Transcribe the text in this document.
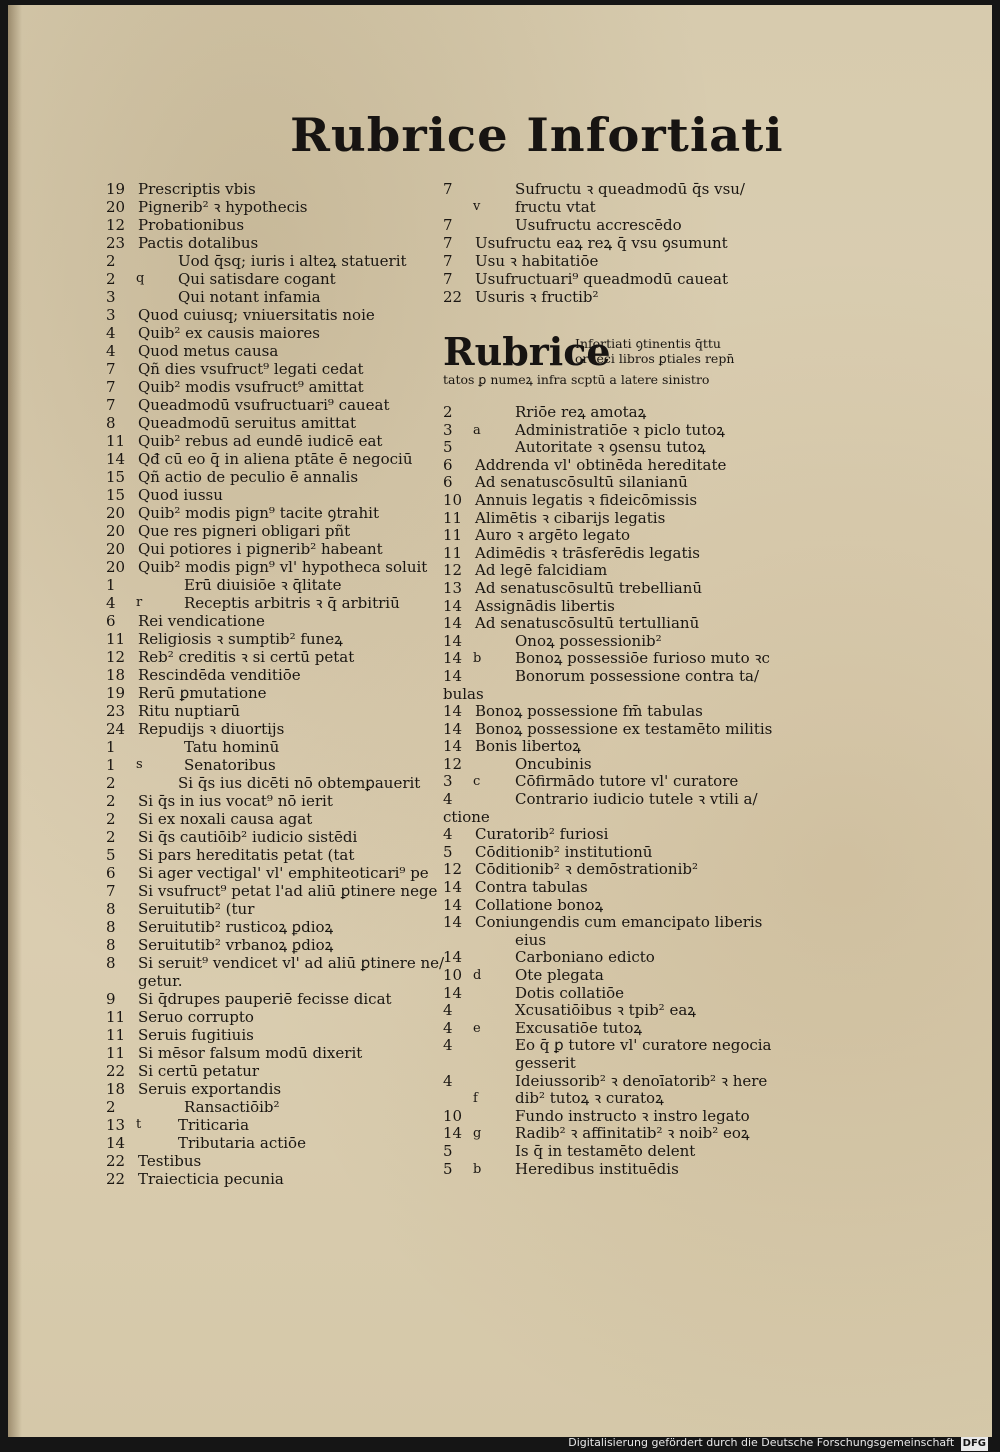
Rubrice Infortiati
19 Prescriptis vbis
20 Pignerib² ꝛ hypothecis
12 Probationibus
23 Pactis dotalibus
2	Uod q̄sq; iuris i alteꝝ statuerit
2	q	Qui satisdare cogant
3	Qui notant infamia
3	Quod cuiusq; vniuersitatis noie
4	Quib² ex causis maiores
4	Quod metus causa
7	Qñ dies vsufruct⁹ legati cedat
7	Quib² modis vsufruct⁹ amittat
7	Queadmodū vsufructuari⁹ caueat
8	Queadmodū seruitus amittat
11 Quib² rebus ad eundē iudicē eat
14 Qđ cū eo q̄ in aliena ptāte ē negociū
15 Qñ actio de peculio ē annalis
15 Quod iussu
20 Quib² modis pign⁹ tacite ꝯtrahit
20 Que res pigneri obligari pñt
20 Qui potiores i pignerib² habeant
20 Quib² modis pign⁹ vl' hypotheca soluit
1	Erū diuisiōe ꝛ q̄litate
4	r	Receptis arbitris ꝛ q̄ arbitriū
6	Rei vendicatione
11 Religiosis ꝛ sumptib² funeꝝ
12 Reb² creditis ꝛ si certū petat
18 Rescindēda venditiōe
19 Rerū ꝑmutatione
23 Ritu nuptiarū
24 Repudijs ꝛ diuortijs
1	Tatu hominū
1	s	Senatoribus
2	Si q̄s ius dicēti nō obtemꝑauerit
2	Si q̄s in ius vocat⁹ nō ierit
2	Si ex noxali causa agat
2	Si q̄s cautiōib² iudicio sistēdi
5	Si pars hereditatis petat (tat
6	Si ager vectigal' vl' emphiteoticari⁹ pe
7	Si vsufruct⁹ petat l'ad aliū ꝑtinere nege
8	Seruitutib² (tur
8	Seruitutib² rusticoꝝ ꝑdioꝝ
8	Seruitutib² vrbanoꝝ ꝑdioꝝ
8	Si seruit⁹ vendicet vl' ad aliū ꝑtinere ne/
getur.
9	Si q̄drupes pauperiē fecisse dicat
11 Seruo corrupto
11 Seruis fugitiuis
11 Si mēsor falsum modū dixerit
22 Si certū petatur
18 Seruis exportandis
2	Ransactiōib²
13 t	Triticaria
14	Tributaria actiōe
22 Testibus
22 Traiecticia pecunia
7	Sufructu ꝛ queadmodū q̄s vsu/
v	fructu vtat
7	Usufructu accrescēdo
7	Usufructu eaꝝ reꝝ q̄ vsu ꝯsumunt
7	Usu ꝛ habitatiōe
7	Usufructuari⁹ queadmodū caueat
22 Usuris ꝛ fructib²
Rubrice
Infortiati ꝯtinentis q̄ttu
ordeci libros ꝑtiales repn̄
tatos ꝑ numeꝝ infra scptū a latere sinistro
2	Rriōe reꝝ amotaꝝ
3	a	Administratiōe ꝛ piclo tutoꝝ
5	Autoritate ꝛ ꝯsensu tutoꝝ
6	Addrenda vl' obtinēda hereditate
6	Ad senatuscōsultū silanianū
10 Annuis legatis ꝛ fideicōmissis
11 Alimētis ꝛ cibarijs legatis
11 Auro ꝛ argēto legato
11 Adimēdis ꝛ trāsferēdis legatis
12 Ad legē falcidiam
13 Ad senatuscōsultū trebellianū
14 Assignādis libertis
14 Ad senatuscōsultū tertullianū
14	Onoꝝ possessionib²
14 b	Bonoꝝ possessiōe furioso muto ꝛc
14	Bonorum possessione contra ta/
bulas
14 Bonoꝝ possessione fm̄ tabulas
14 Bonoꝝ possessione ex testamēto militis
14 Bonis libertoꝝ
12	Oncubinis
3	c	Cōfirmādo tutore vl' curatore
4	Contrario iudicio tutele ꝛ vtili a/
ctione
4	Curatorib² furiosi
5	Cōditionib² institutionū
12 Cōditionib² ꝛ demōstrationib²
14 Contra tabulas
14 Collatione bonoꝝ
14 Coniungendis cum emancipato liberis
eius
14	Carboniano edicto
10 d	Ote plegata
14	Dotis collatiōe
4	Xcusatiōibus ꝛ tpib² eaꝝ
4	e	Excusatiōe tutoꝝ
4	Eo q̄ ꝑ tutore vl' curatore negocia
gesserit
4	Ideiussorib² ꝛ denoīatorib² ꝛ here
f	dib² tutoꝝ ꝛ curatoꝝ
10	Fundo instructo ꝛ instro legato
14 g	Radib² ꝛ affinitatib² ꝛ noib² eoꝝ
5	Is q̄ in testamēto delent
5	b	Heredibus instituēdis
Digitalisierung gefördert durch die Deutsche Forschungsgemeinschaft DFG
